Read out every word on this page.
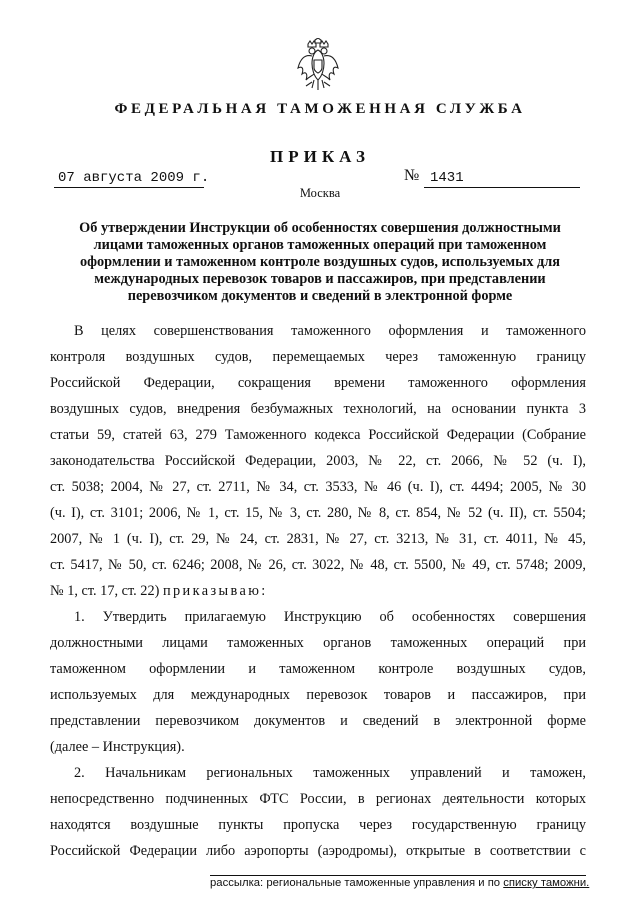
ФЕДЕРАЛЬНАЯ ТАМОЖЕННАЯ СЛУЖБА
ПРИКАЗ
07 августа 2009 г.	№ 1431
Москва
Об утверждении Инструкции об особенностях совершения должностными
лицами таможенных органов таможенных операций при таможенном
оформлении и таможенном контроле воздушных судов, используемых для
международных перевозок товаров и пассажиров, при представлении
перевозчиком документов и сведений в электронной форме
В целях совершенствования таможенного оформления и таможенного
контроля воздушных судов, перемещаемых через таможенную границу
Российской Федерации, сокращения времени таможенного оформления
воздушных судов, внедрения безбумажных технологий, на основании пункта 3
статьи 59, статей 63, 279 Таможенного кодекса Российской Федерации (Собрание
законодательства Российской Федерации, 2003, № 22, ст. 2066, № 52 (ч. I),
ст. 5038; 2004, № 27, ст. 2711, № 34, ст. 3533, № 46 (ч. I), ст. 4494; 2005, № 30
(ч. I), ст. 3101; 2006, № 1, ст. 15, № 3, ст. 280, № 8, ст. 854, № 52 (ч. II), ст. 5504;
2007, № 1 (ч. I), ст. 29, № 24, ст. 2831, № 27, ст. 3213, № 31, ст. 4011, № 45,
ст. 5417, № 50, ст. 6246; 2008, № 26, ст. 3022, № 48, ст. 5500, № 49, ст. 5748; 2009,
№ 1, ст. 17, ст. 22) приказываю:
1. Утвердить прилагаемую Инструкцию об особенностях совершения
должностными лицами таможенных органов таможенных операций при
таможенном оформлении и таможенном контроле воздушных судов,
используемых для международных перевозок товаров и пассажиров, при
представлении перевозчиком документов и сведений в электронной форме
(далее – Инструкция).
2. Начальникам региональных таможенных управлений и таможен,
непосредственно подчиненных ФТС России, в регионах деятельности которых
находятся воздушные пункты пропуска через государственную границу
Российской Федерации либо аэропорты (аэродромы), открытые в соответствии с
рассылка: региональные таможенные управления и по списку таможни.
